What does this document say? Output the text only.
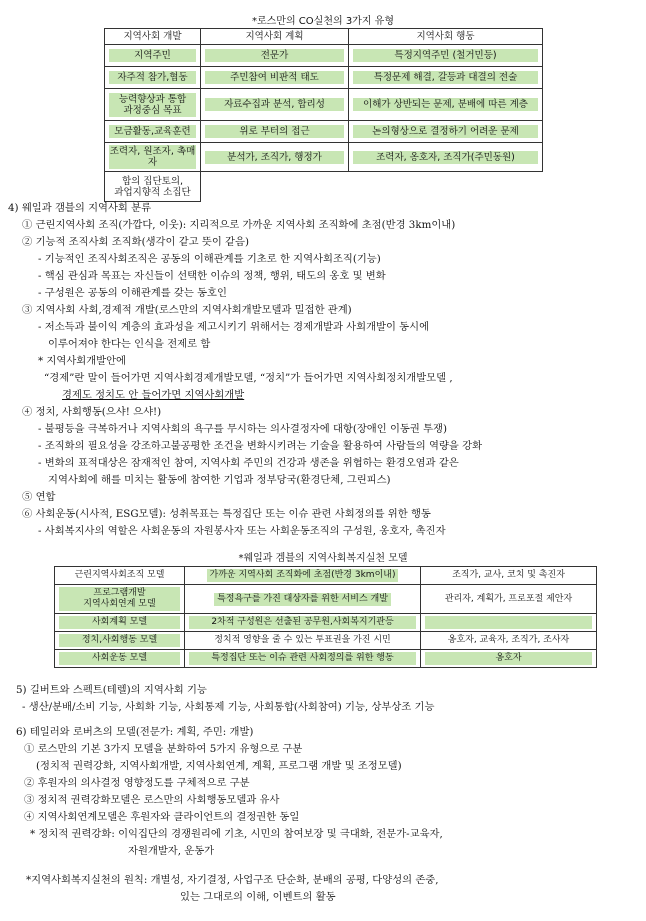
*로스만의 CO실천의 3가지 유형
지역사회 개발	지역사회 계획	지역사회 행동
지역주민	전문가	특정지역주민 (철거민등)
자주적 참가,협동	주민참여 비판적 태도	특정문제 해결, 갈등과 대결의 전술
능력향상과 통합
과정중심 목표	자료수집과 분석, 합리성	이해가 상반되는 문제, 분배에 따른 계층
모금활동,교육훈련	위로 부터의 접근	논의형상으로 결정하기 어려운 문제
조력자, 원조자, 촉매자	분석가, 조직가, 행정가	조력자, 옹호자, 조직가(주민동원)
합의 집단토의,
과업지향적 소집단		
4) 웨일과 갬블의 지역사회 분류
① 근린지역사회 조직(가깝다, 이웃): 지리적으로 가까운 지역사회 조직화에 초점(반경 3km이내)
② 기능적 조직사회 조직화(생각이 같고 뜻이 같음)
- 기능적인 조직사회조직은 공동의 이해관계를 기초로 한 지역사회조직(기능)
- 핵심 관심과 목표는 자신들이 선택한 이슈의 정책, 행위, 태도의 옹호 및 변화
- 구성원은 공동의 이해관계를 갖는 동호인
③ 지역사회 사회,경제적 개발(로스만의 지역사회개발모델과 밀접한 관계)
- 저소득과 불이익 계층의 효과성을 제고시키기 위해서는 경제개발과 사회개발이 동시에
이루어져야 한다는 인식을 전제로 함
* 지역사회개발안에
“경제”란 말이 들어가면 지역사회경제개발모델, “정치”가 들어가면 지역사회정치개발모델 ,
경제도 정치도 안 들어가면 지역사회개발
④ 정치, 사회행동(으샤! 으샤!)
- 불평등을 극복하거나 지역사회의 욕구를 무시하는 의사결정자에 대항(장애인 이동권 투쟁)
- 조직화의 필요성을 강조하고불공평한 조건을 변화시키려는 기술을 활용하여 사람들의 역량을 강화
- 변화의 표적대상은 잠재적인 참여, 지역사회 주민의 건강과 생존을 위협하는 환경오염과 같은
지역사회에 해를 미치는 활동에 참여한 기업과 정부당국(환경단체, 그린피스)
⑤ 연합
⑥ 사회운동(시사적, ESG모델): 성취목표는 특정집단 또는 이슈 관련 사회정의를 위한 행동
- 사회복지사의 역할은 사회운동의 자원봉사자 또는 사회운동조직의 구성원, 옹호자, 촉진자
*웨일과 겜블의 지역사회복지실천 모델
근린지역사회조직 모델	가까운 지역사회 조직화에 초점(반경 3km이내)	조직가, 교사, 코치 및 촉진자
프로그램개발
지역사회연계 모델	특정욕구를 가진 대상자를 위한 서비스 개발	관리자, 계획가, 프로포절 제안자
사회계획 모델	2차적 구성원은 선출된 공무원,사회복지기관등	
정치,사회행동 모델	정치적 영향을 줄 수 있는 투표권을 가진 시민	옹호자, 교육자, 조직가, 조사자
사회운동 모델	특정집단 또는 이슈 관련 사회정의를 위한 행동	옹호자
5) 길버트와 스펙트(테렐)의 지역사회 기능
- 생산/분배/소비 기능, 사회화 기능, 사회통제 기능, 사회통합(사회참여) 기능, 상부상조 기능
6) 테일러와 로버츠의 모델(전문가: 계획, 주민: 개발)
① 로스만의 기본 3가지 모델을 분화하여 5가지 유형으로 구분
(정치적 권력강화, 지역사회개발, 지역사회연계, 계획, 프로그램 개발 및 조정모델)
② 후원자의 의사결정 영향정도를 구체적으로 구분
③ 정치적 권력강화모델은 로스만의 사회행동모델과 유사
④ 지역사회연계모델은 후원자와 클라이언트의 결정권한 동일
* 정치적 권력강화: 이익집단의 경쟁원리에 기초, 시민의 참여보장 및 극대화, 전문가-교육자,
자원개발자, 운동가
*지역사회복지실천의 원칙: 개별성, 자기결정, 사업구조 단순화, 분배의 공평, 다양성의 존중,
있는 그대로의 이해, 이벤트의 활동
